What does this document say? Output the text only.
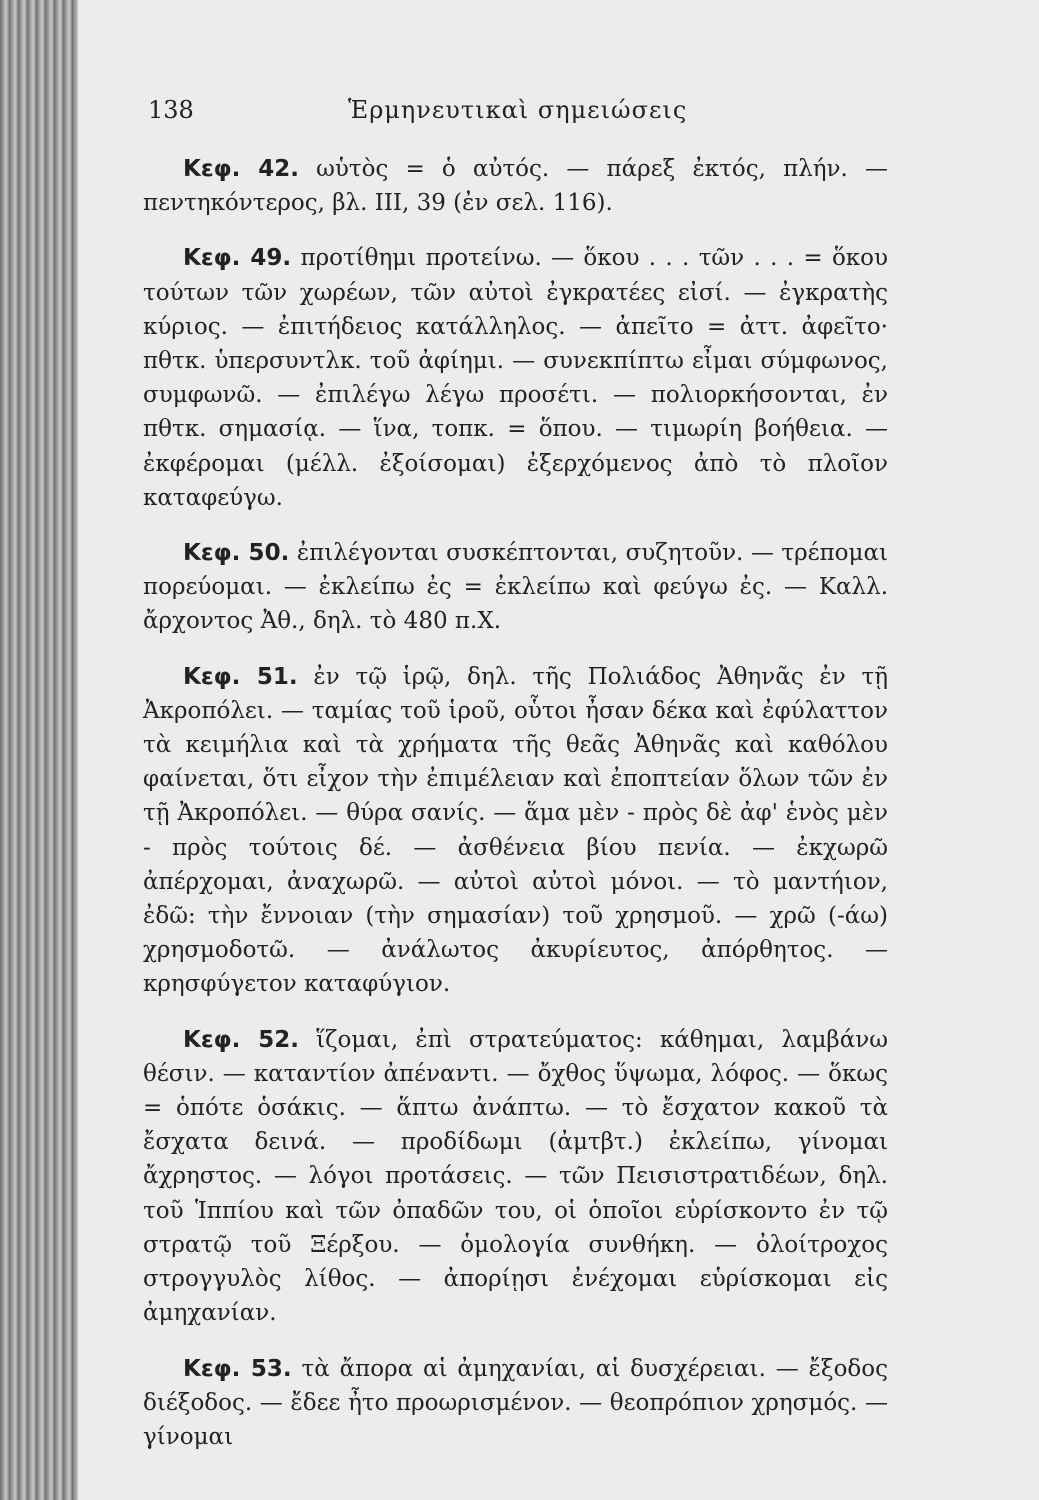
138	Ἑρμηνευτικαὶ σημειώσεις

Κεφ. 42. ωὑτὸς = ὁ αὐτός. — πάρεξ ἐκτός, πλήν. — πεντηκόντερος, βλ. ΙΙΙ, 39 (ἐν σελ. 116).

Κεφ. 49. προτίθημι προτείνω. — ὅκου . . . τῶν . . . = ὅκου τούτων τῶν χωρέων, τῶν αὐτοὶ ἐγκρατέες εἰσί. — ἐγκρατὴς κύριος. — ἐπιτήδειος κατάλληλος. — ἀπεῖτο = ἀττ. ἀφεῖτο· πθτκ. ὑπερσυντλκ. τοῦ ἀφίημι. — συνεκπίπτω εἶμαι σύμφωνος, συμφωνῶ. — ἐπιλέγω λέγω προσέτι. — πολιορκήσονται, ἐν πθτκ. σημασίᾳ. — ἵνα, τοπκ. = ὅπου. — τιμωρίη βοήθεια. — ἐκφέρομαι (μέλλ. ἐξοίσομαι) ἐξερχόμενος ἀπὸ τὸ πλοῖον καταφεύγω.

Κεφ. 50. ἐπιλέγονται συσκέπτονται, συζητοῦν. — τρέπομαι πορεύομαι. — ἐκλείπω ἐς = ἐκλείπω καὶ φεύγω ἐς. — Καλλ. ἄρχοντος Ἀθ., δηλ. τὸ 480 π.Χ.

Κεφ. 51. ἐν τῷ ἱρῷ, δηλ. τῆς Πολιάδος Ἀθηνᾶς ἐν τῇ Ἀκροπόλει. — ταμίας τοῦ ἱροῦ, οὗτοι ἦσαν δέκα καὶ ἐφύλαττον τὰ κειμήλια καὶ τὰ χρήματα τῆς θεᾶς Ἀθηνᾶς καὶ καθόλου φαίνεται, ὅτι εἶχον τὴν ἐπιμέλειαν καὶ ἐποπτείαν ὅλων τῶν ἐν τῇ Ἀκροπόλει. — θύρα σανίς. — ἅμα μὲν - πρὸς δὲ ἀφ' ἑνὸς μὲν - πρὸς τούτοις δέ. — ἀσθένεια βίου πενία. — ἐκχωρῶ ἀπέρχομαι, ἀναχωρῶ. — αὐτοὶ αὐτοὶ μόνοι. — τὸ μαντήιον, ἐδῶ: τὴν ἔννοιαν (τὴν σημασίαν) τοῦ χρησμοῦ. — χρῶ (-άω) χρησμοδοτῶ. — ἀνάλωτος ἀκυρίευτος, ἀπόρθητος. — κρησφύγετον καταφύγιον.

Κεφ. 52. ἵζομαι, ἐπὶ στρατεύματος: κάθημαι, λαμβάνω θέσιν. — καταντίον ἀπέναντι. — ὄχθος ὕψωμα, λόφος. — ὅκως = ὁπότε ὁσάκις. — ἅπτω ἀνάπτω. — τὸ ἔσχατον κακοῦ τὰ ἔσχατα δεινά. — προδίδωμι (ἀμτβτ.) ἐκλείπω, γίνομαι ἄχρηστος. — λόγοι προτάσεις. — τῶν Πεισιστρατιδέων, δηλ. τοῦ Ἱππίου καὶ τῶν ὀπαδῶν του, οἱ ὁποῖοι εὑρίσκοντο ἐν τῷ στρατῷ τοῦ Ξέρξου. — ὁμολογία συνθήκη. — ὀλοίτροχος στρογγυλὸς λίθος. — ἀπορίῃσι ἐνέχομαι εὑρίσκομαι εἰς ἀμηχανίαν.

Κεφ. 53. τὰ ἄπορα αἱ ἀμηχανίαι, αἱ δυσχέρειαι. — ἔξοδος διέξοδος. — ἔδεε ἦτο προωρισμένον. — θεοπρόπιον χρησμός. — γίνομαι
